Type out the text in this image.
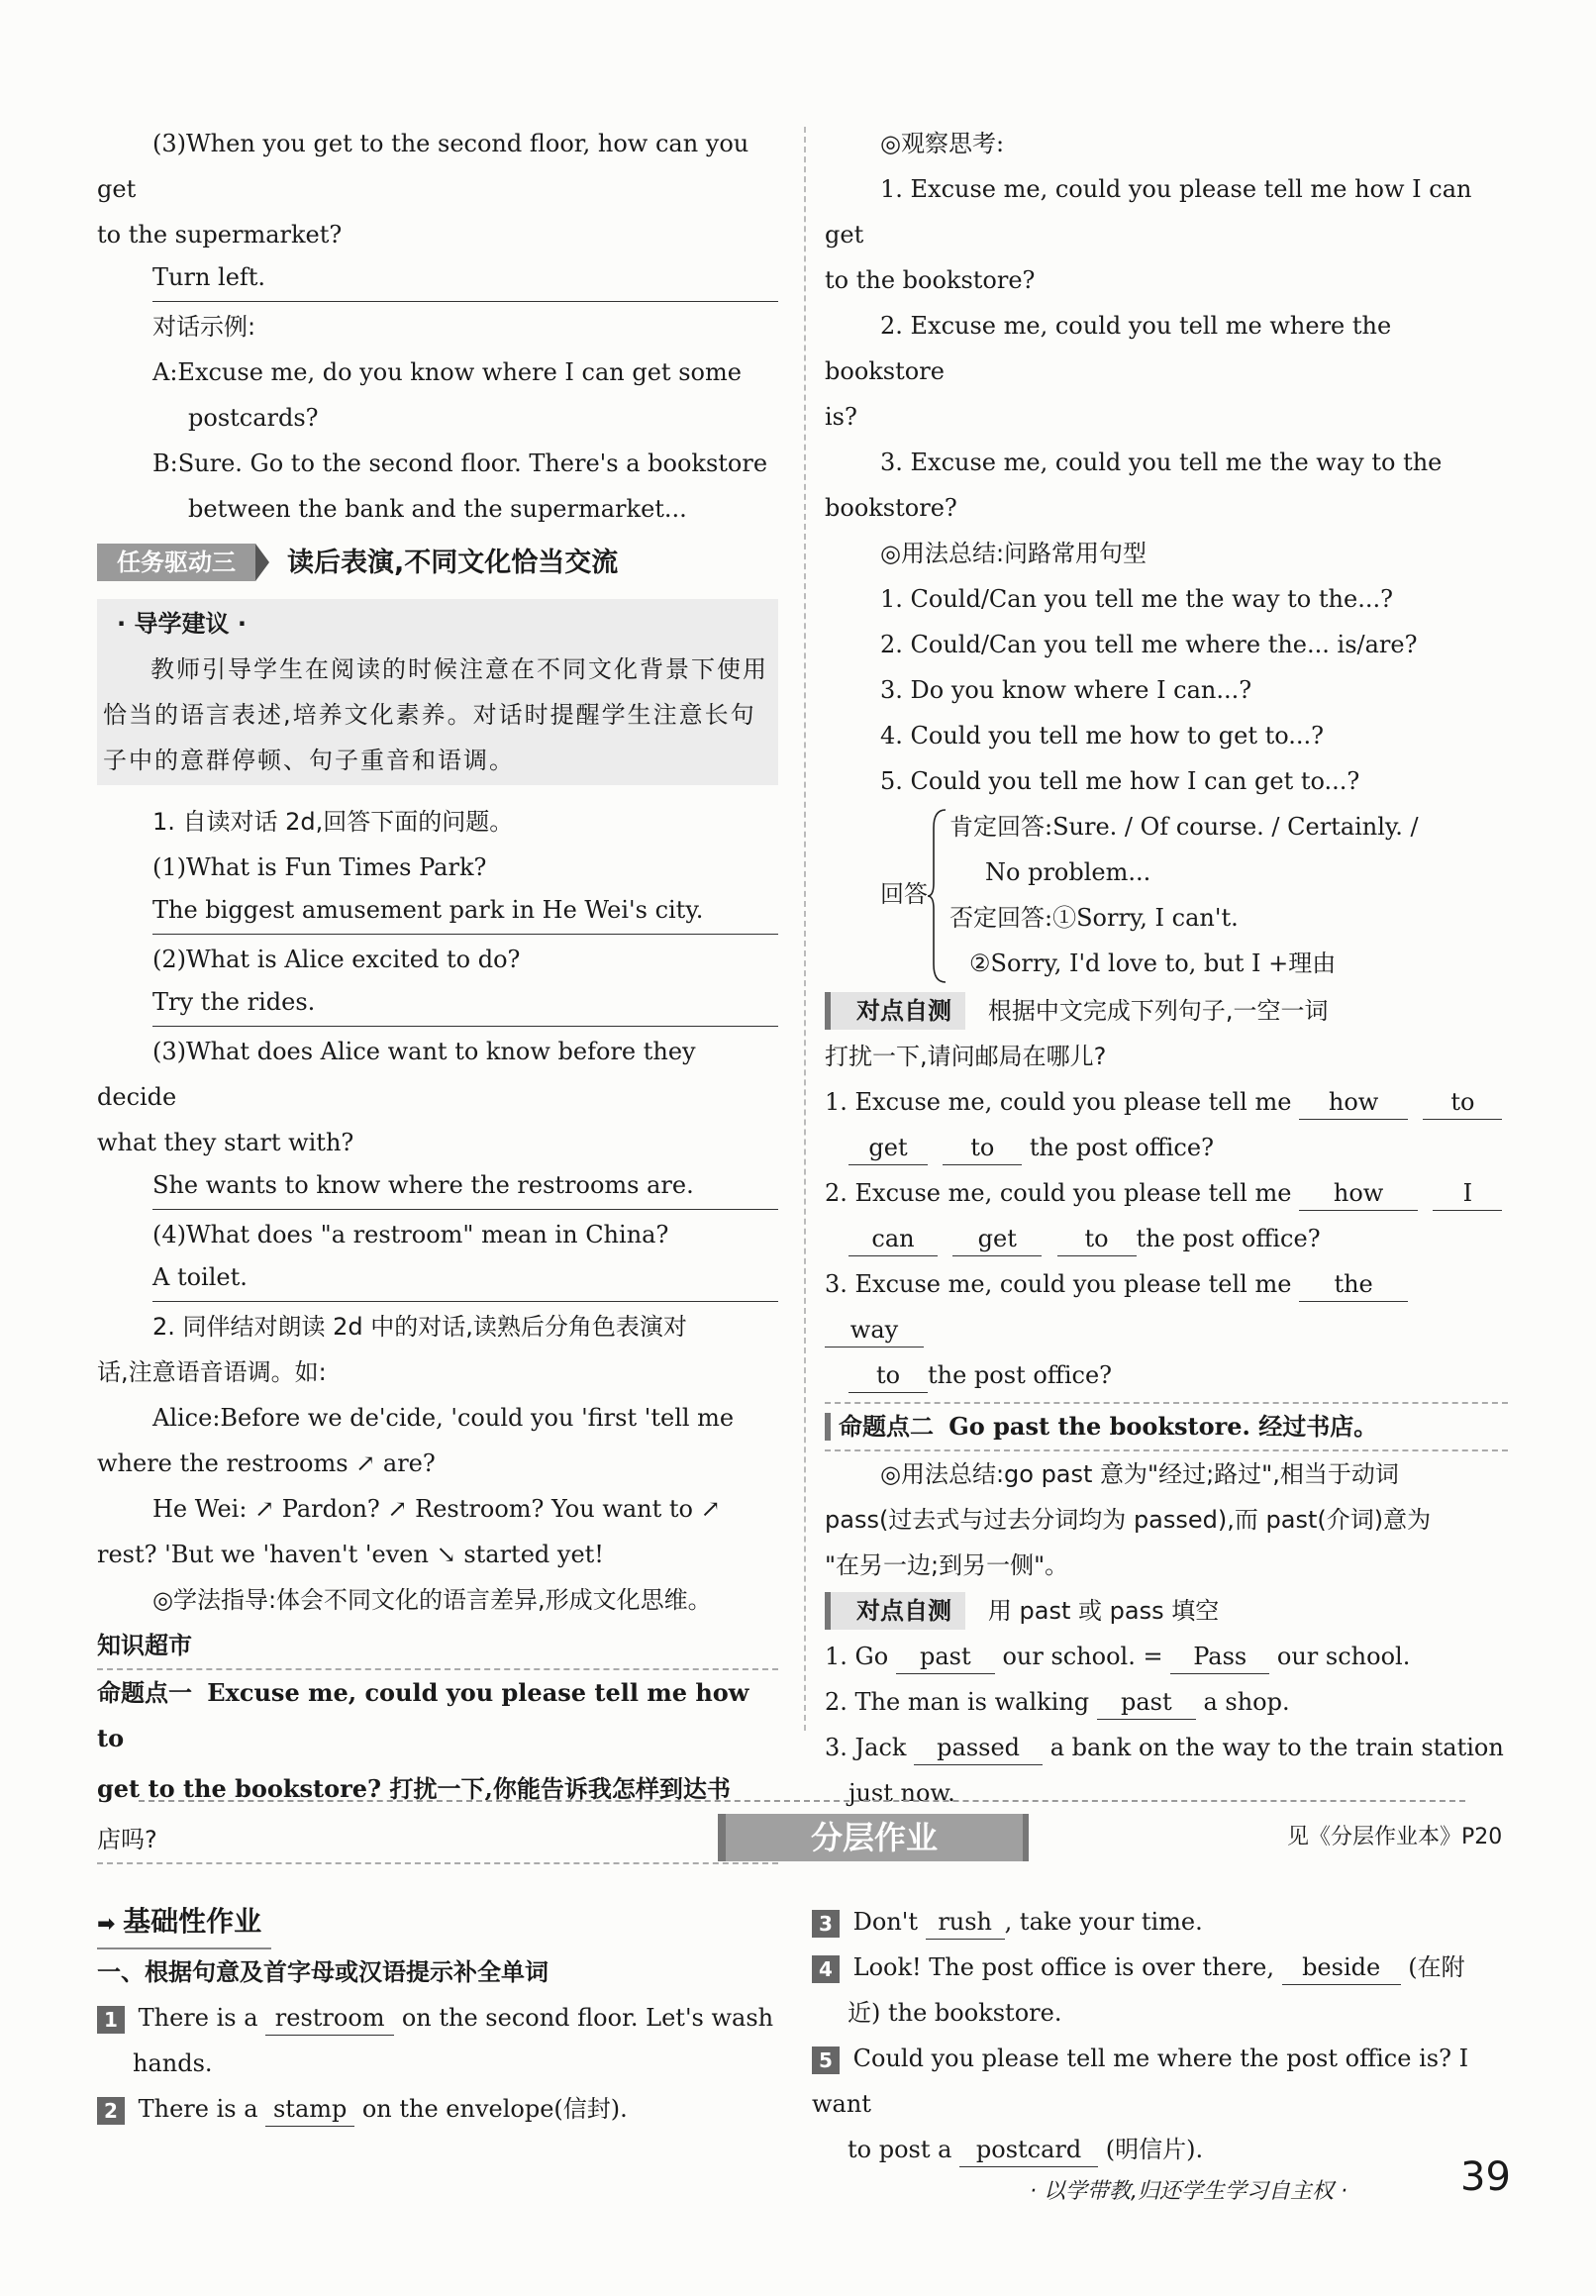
(3)When you get to the second floor, how can you get

to the supermarket?

Turn left.

对话示例:

A:Excuse me, do you know where I can get some

postcards?

B:Sure. Go to the second floor. There's a bookstore

between the bank and the supermarket...

任务驱动三	读后表演,不同文化恰当交流

· 导学建议 ·

教师引导学生在阅读的时候注意在不同文化背景下使用恰当的语言表述,培养文化素养。对话时提醒学生注意长句子中的意群停顿、句子重音和语调。

1. 自读对话 2d,回答下面的问题。

(1)What is Fun Times Park?

The biggest amusement park in He Wei's city.

(2)What is Alice excited to do?

Try the rides.

(3)What does Alice want to know before they decide

what they start with?

She wants to know where the restrooms are.

(4)What does "a restroom" mean in China?

A toilet.

2. 同伴结对朗读 2d 中的对话,读熟后分角色表演对

话,注意语音语调。如:

Alice:Before we de'cide, 'could you 'first 'tell me

where the restrooms ↗ are?

He Wei: ↗ Pardon? ↗ Restroom? You want to ↗

rest? 'But we 'haven't 'even ↘ started yet!

◎学法指导:体会不同文化的语言差异,形成文化思维。

知识超市

命题点一 Excuse me, could you please tell me how to

get to the bookstore? 打扰一下,你能告诉我怎样到达书

店吗?

◎观察思考:

1. Excuse me, could you please tell me how I can get

to the bookstore?

2. Excuse me, could you tell me where the bookstore

is?

3. Excuse me, could you tell me the way to the

bookstore?

◎用法总结:问路常用句型

1. Could/Can you tell me the way to the...?

2. Could/Can you tell me where the... is/are?

3. Do you know where I can...?

4. Could you tell me how to get to...?

5. Could you tell me how I can get to...?

回答

肯定回答:Sure. / Of course. / Certainly. /

No problem...

否定回答:①Sorry, I can't.

②Sorry, I'd love to, but I +理由

对点自测 根据中文完成下列句子,一空一词

打扰一下,请问邮局在哪儿?

1. Excuse me, could you please tell me how	to

get	to the post office?

2. Excuse me, could you please tell me how	I

can	get	to the post office?

3. Excuse me, could you please tell me the  way

to the post office?

命题点二 Go past the bookstore. 经过书店。

◎用法总结:go past 意为"经过;路过",相当于动词

pass(过去式与过去分词均为 passed),而 past(介词)意为

"在另一边;到另一侧"。

对点自测 用 past 或 pass 填空

1. Go past our school. = Pass our school.

2. The man is walking past a shop.

3. Jack passed a bank on the way to the train station

just now.

分层作业	见《分层作业本》P20

➡ 基础性作业

一、根据句意及首字母或汉语提示补全单词

1 There is a restroom on the second floor. Let's wash

hands.

2 There is a stamp on the envelope(信封).

3 Don't rush , take your time.

4 Look! The post office is over there, beside (在附

近) the bookstore.

5 Could you please tell me where the post office is? I want

to post a postcard (明信片).

· 以学带教,归还学生学习自主权 ·	39
